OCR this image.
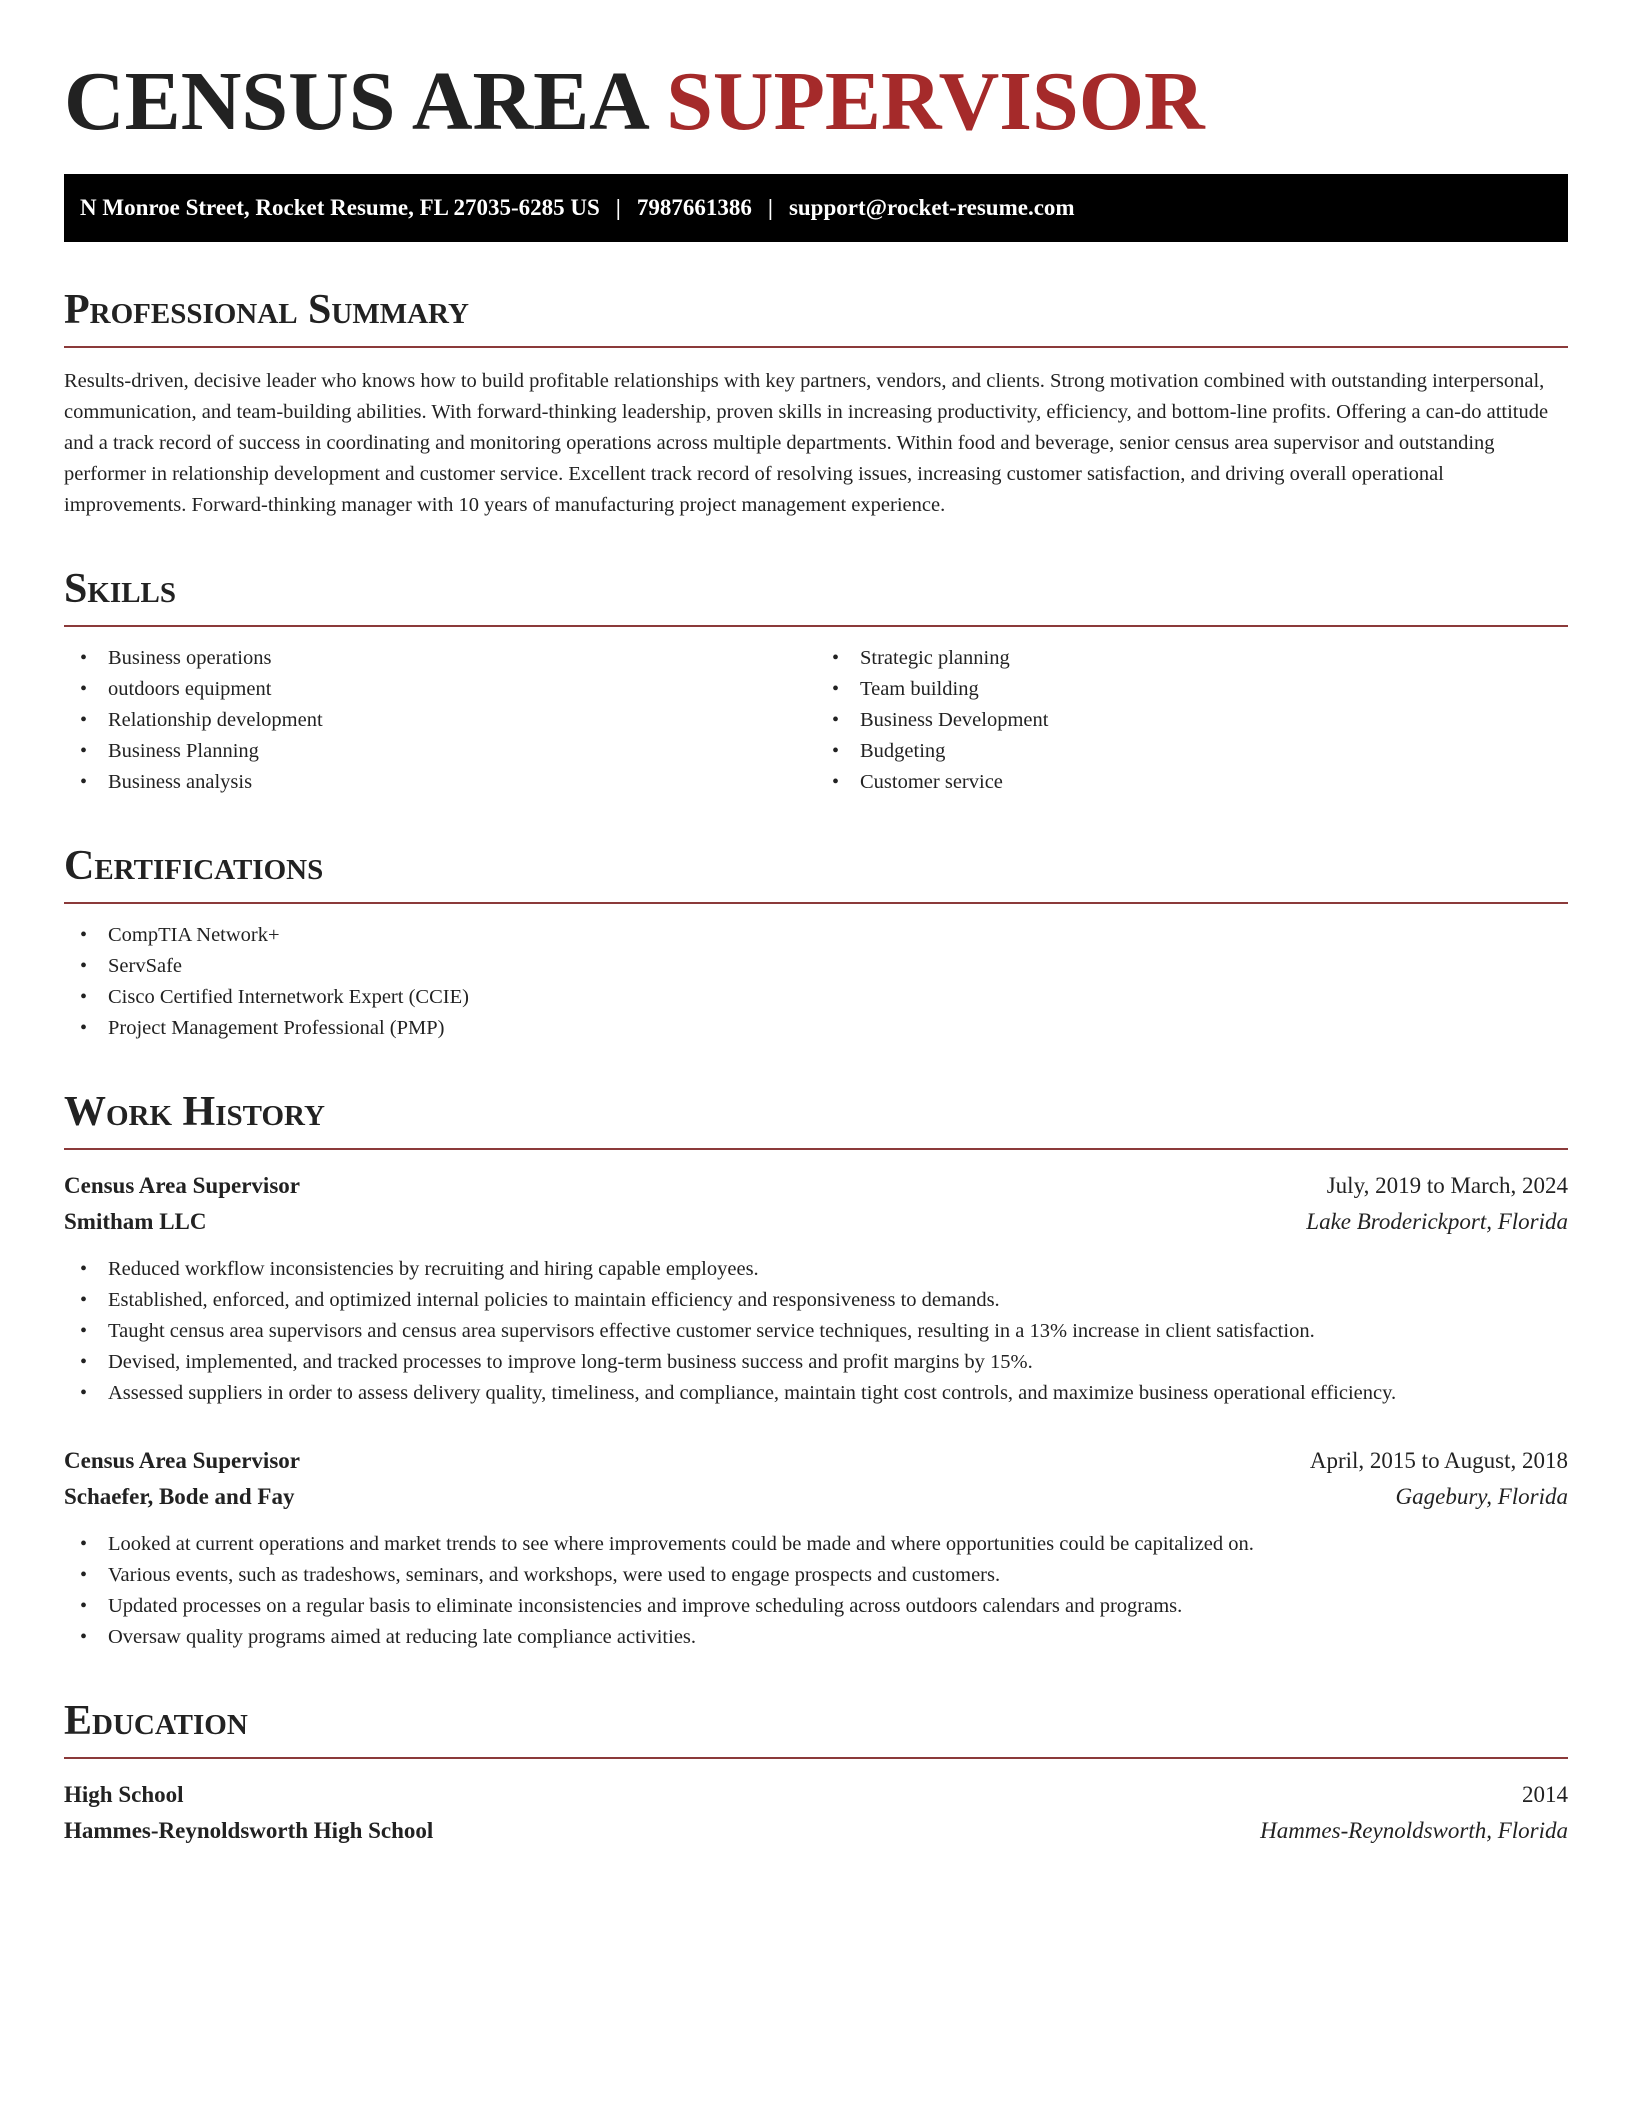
CENSUS AREA SUPERVISOR
N Monroe Street, Rocket Resume, FL 27035-6285 US | 7987661386 | support@rocket-resume.com
Professional Summary

Results-driven, decisive leader who knows how to build profitable relationships with key partners, vendors, and clients. Strong motivation combined with outstanding interpersonal, communication, and team-building abilities. With forward-thinking leadership, proven skills in increasing productivity, efficiency, and bottom-line profits. Offering a can-do attitude and a track record of success in coordinating and monitoring operations across multiple departments. Within food and beverage, senior census area supervisor and outstanding performer in relationship development and customer service. Excellent track record of resolving issues, increasing customer satisfaction, and driving overall operational improvements. Forward-thinking manager with 10 years of manufacturing project management experience.

Skills
• Business operations
• outdoors equipment
• Relationship development
• Business Planning
• Business analysis
• Strategic planning
• Team building
• Business Development
• Budgeting
• Customer service
Certifications
• CompTIA Network+
• ServSafe
• Cisco Certified Internetwork Expert (CCIE)
• Project Management Professional (PMP)
Work History
Census Area Supervisor	July, 2019 to March, 2024
Smitham LLC	Lake Broderickport, Florida
• Reduced workflow inconsistencies by recruiting and hiring capable employees.
• Established, enforced, and optimized internal policies to maintain efficiency and responsiveness to demands.
• Taught census area supervisors and census area supervisors effective customer service techniques, resulting in a 13% increase in client satisfaction.
• Devised, implemented, and tracked processes to improve long-term business success and profit margins by 15%.
• Assessed suppliers in order to assess delivery quality, timeliness, and compliance, maintain tight cost controls, and maximize business operational efficiency.
Census Area Supervisor	April, 2015 to August, 2018
Schaefer, Bode and Fay	Gagebury, Florida
• Looked at current operations and market trends to see where improvements could be made and where opportunities could be capitalized on.
• Various events, such as tradeshows, seminars, and workshops, were used to engage prospects and customers.
• Updated processes on a regular basis to eliminate inconsistencies and improve scheduling across outdoors calendars and programs.
• Oversaw quality programs aimed at reducing late compliance activities.
Education
High School	2014
Hammes-Reynoldsworth High School	Hammes-Reynoldsworth, Florida
